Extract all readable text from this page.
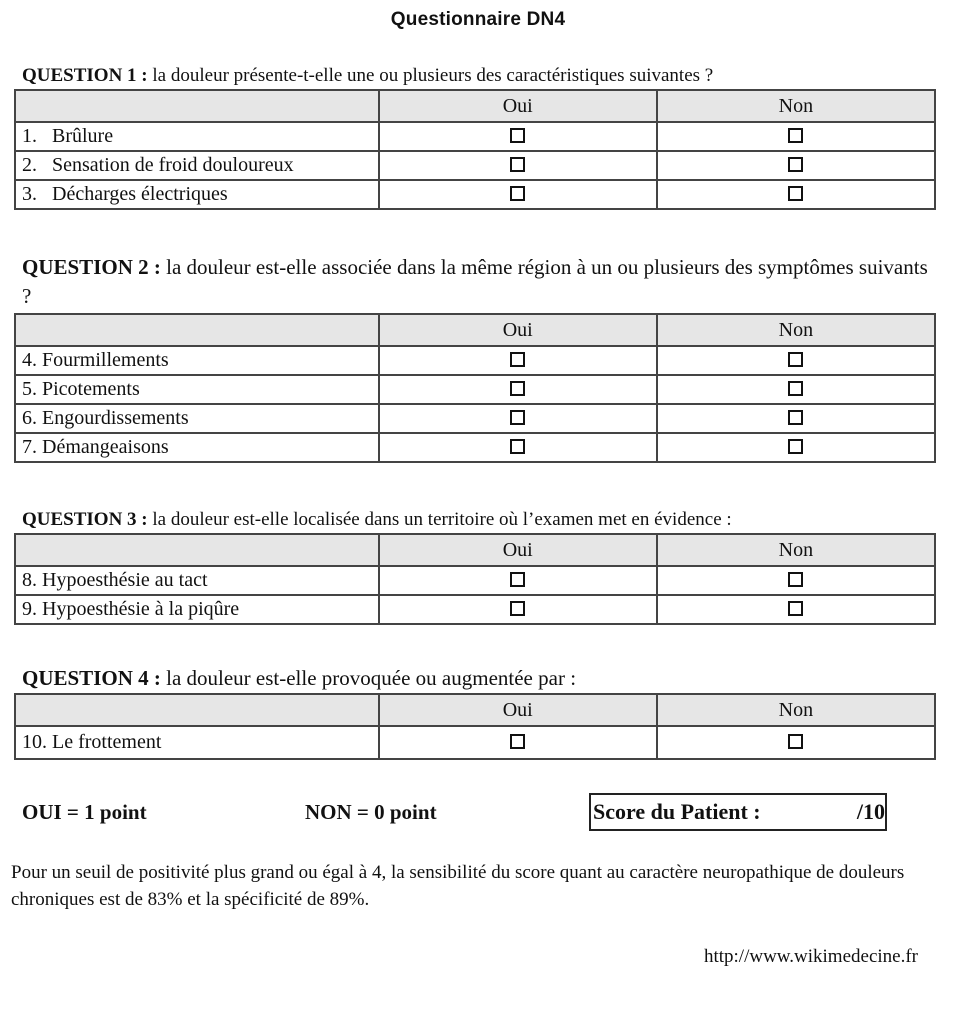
Questionnaire DN4
QUESTION 1 : la douleur présente-t-elle une ou plusieurs des caractéristiques suivantes ?
	Oui	Non
1.   Brûlure		
2.   Sensation de froid douloureux		
3.   Décharges électriques		
QUESTION 2 : la douleur est-elle associée dans la même région à un ou plusieurs des symptômes suivants ?
	Oui	Non
4. Fourmillements		
5. Picotements		
6. Engourdissements		
7. Démangeaisons		
QUESTION 3 : la douleur est-elle localisée dans un territoire où l’examen met en évidence :
	Oui	Non
8. Hypoesthésie au tact		
9. Hypoesthésie à la piqûre		
QUESTION 4 : la douleur est-elle provoquée ou augmentée par :
	Oui	Non
10. Le frottement		
OUI = 1 point	NON = 0 point	Score du Patient :	/10
Pour un seuil de positivité plus grand ou égal à 4, la sensibilité du score quant au caractère neuropathique de douleurs chroniques est de 83% et la spécificité de 89%.
http://www.wikimedecine.fr
